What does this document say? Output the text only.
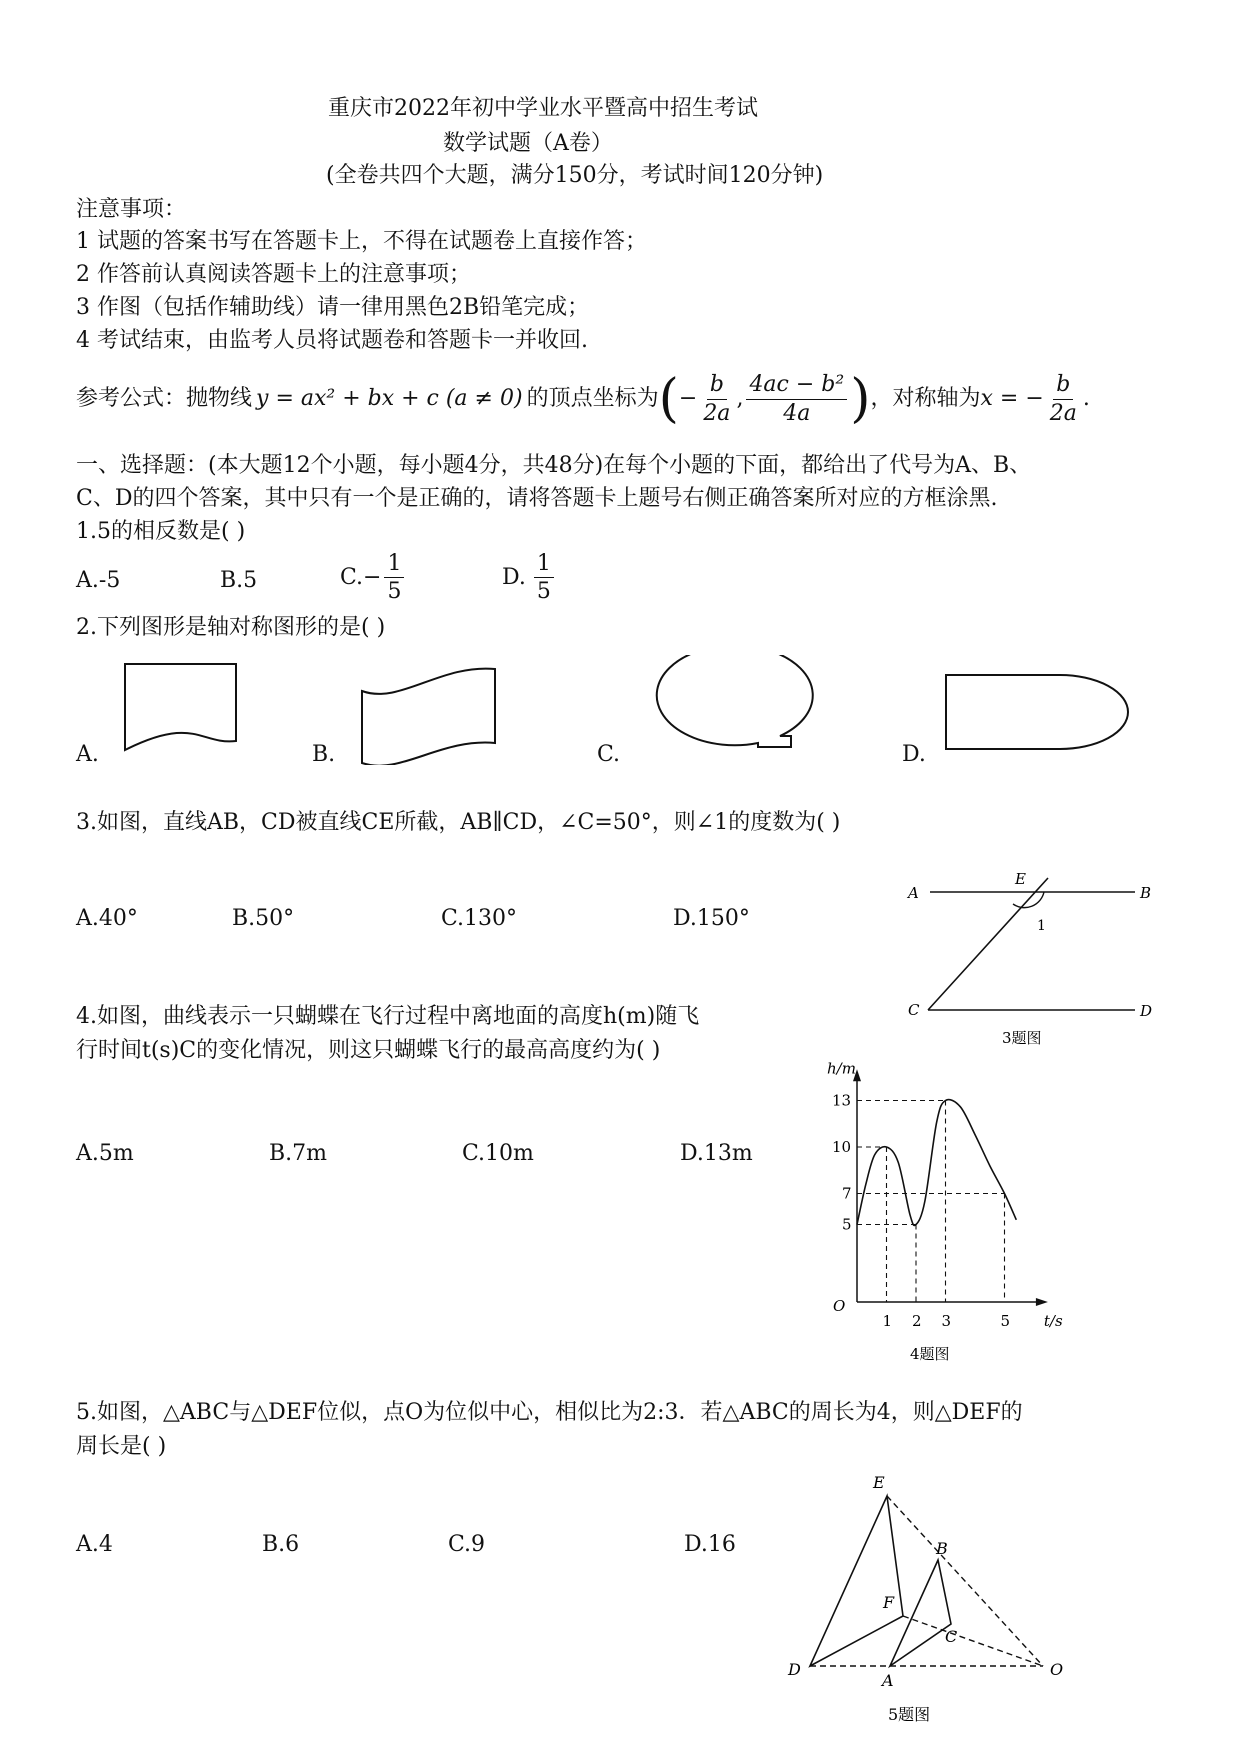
重庆市2022年初中学业水平暨高中招生考试
数学试题（A卷）
(全卷共四个大题，满分150分，考试时间120分钟)
注意事项：
1 试题的答案书写在答题卡上，不得在试题卷上直接作答；
2 作答前认真阅读答题卡上的注意事项；
3 作图（包括作辅助线）请一律用黑色2B铅笔完成；
4 考试结束，由监考人员将试题卷和答题卡一并收回.
参考公式：抛物线 y = ax² + bx + c (a ≠ 0) 的顶点坐标为 ( − $\frac{b}{2a}$ , $\frac{\text{4ac − b²}}{4a}$ ) ，对称轴为 x = − $\frac{b}{2a}$ .
一、选择题：(本大题12个小题，每小题4分，共48分)在每个小题的下面，都给出了代号为A、B、
C、D的四个答案，其中只有一个是正确的，请将答题卡上题号右侧正确答案所对应的方框涂黑.
1.5的相反数是( )
A.-5	B.5	$C.- \frac{1}{5}$	D. $\frac{1}{5}$
2.下列图形是轴对称图形的是( )
A.	B.	C.	D.
3.如图，直线AB，CD被直线CE所截，AB∥CD，∠C=50°，则∠1的度数为( )
A.40°	B.50°	C.130°	D.150°
A
E
B
1
C	D
3题图
4.如图，曲线表示一只蝴蝶在飞行过程中离地面的高度h(m)随飞
行时间t(s)C的变化情况，则这只蝴蝶飞行的最高高度约为( )
A.5m	B.7m	C.10m	D.13m
1 2 3	5
5
7
10
13
O
t/s
h/m
4题图
5.如图，△ABC与△DEF位似，点O为位似中心，相似比为2:3．若△ABC的周长为4，则△DEF的
周长是( )
A.4	B.6	C.9	D.16
E
B
F
C
D
A
O
5题图
